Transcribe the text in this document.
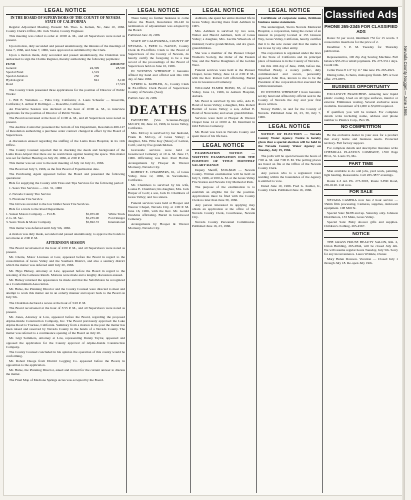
LEGAL NOTICE
IN THE BOARD OF SUPERVISORS OF THE COUNTY OF NEVADA STATE OF CALIFORNIA

Regular Adjourned Meeting. Present: Mr. Theo. G. Kelsen, Nr., June 10, 1966. County Clerk's Office, Mr. Jack Visdal, County Engineer.

This meeting was called to order at 10:00 A. M., and all Supervisors were noted as present.

Upon motion, duly seconded and passed unanimously, the minutes of the meetings of June 7, 1966, and June 7, 1966, were approved as submitted by the Clerk.

Upon a motion made, duly seconded and passed unanimously, the Chairman was authorized to sign the Claims Register, thereby authorizing the following payments:

FUND	AMOUNT
General	#4,399	#8,500
Special Fund	1,519
Special Aviation	250
Hydrological	841	3,100
Road	17,519

The County Clerk presented three applications for the position of Director of Public Works:

1. Bill E. Weisman — Yuba City, California; 2. Louis Schaefer — Roseville, California; 3. Arthur P. Dollinger — Roseville, California.

An Executive Session was declared at the hour of 10:00 A. M., to interview applicants for the position of Director of Public Works.

The Board reconvened at the hour of 11:00 A. M., and all Supervisors were noted as present.

The Auditor-Controller presented the bottom of his Department, Resolution #66-127 of Resolution authorizing a purchase order contract changed in effect by the Board of Supervisors.

A discussion ensued regarding the staffing of the Lama Rosa Hospital, in its 11th Office.

The County Counsel reported that in checking the deeds and background of the Lama Rosa Airport that there are no restrictions against leasing the space. This matter was set for further Hearing on July 20, 1966, at 2:00 P. M.

This matter was set over to the next meeting of July 1st July 21, 1966.

The Board set July 5, 1966, as the first Board of Equalization date.

The Purchasing Agent appeared before the Board and presented the following quotations:

Bids for supplying the County with Tires and Tips Services for the following period:

1. Sears Tire Services — Oct. 31, 1966

2. Nevada County Tire Service

3. Firestone Tire Service

The bid was awarded to the low bidder Sears Tire Services.

Bids for a truck to the Road Department.

1. Sunset Motors Company — F.O.B.	$5,955.00	White Truck
2. G. M. Sac.	$5,235.00	Ford Ranger
3. Sears Truck & Motor Company	$5,692.72	International

This matter was deferred until July 5th, 1966.

A motion was duly made, seconded and passed unanimously, to approve the bonds to reconvene at 2:00 P. M.

AFTERNOON SESSION

The Board reconvened at the hour of 2:00 P. M., and all Supervisors were noted as present.

Mr. Cherie, Motor Licenses at Law, appeared before the Board in regard to the consolidation of Grass Valley and the Southern District, and also a sanitary district which the matter was deferred until July 20, 1966.

Mr. Hays Hulsey, Attorney at Law, appeared before the Board in regard to the rezoning of the Lamoure Ranch. Motions were made and a lengthy discussion ensued.

Mr. Hulsey returned the appearance be made and that the Subdivision be recognized as a Condominium Association.

Mr. Hulse, the Planning Director and the County Counsel were directed to meet and attempt to work this matter out in an orderly manner and report back to the Board on July 5th.

The Chairman declared a recess at the hour of 3:45 P. M.

The Board reconvened at the hour of 3:55 P. M., and all Supervisors were noted as present.

Mr. Jones, Attorney at Law, appeared before the Board, regarding the proposed Alpine-Inside Construction Company, Inc. The Board previously approved the Lake Alpine Road to Truckee, California. Summary from a motion in the past the matter has been raised and reserved by Nevada County in the hands of a Nevada County. The matter was referred to a continuance opening of the Board on July 20.

Mr. Gigi Sommers, Attorney at Law, representing Danny Taylor, appeared and opposed the application for the County approval of Alpine-Inside Construction Company.

The County Counsel concluded in his opinion the operation of this county would be conforming.

Mr. Robert Duoge from District Logging Co. appeared before the Board, in opposition to the application.

Mr. Hulse, the Planning Director, asked and moved for the current answer to discuss the matter.

The Final Map of Madrona Springs Acres was accepted by the Board.

LEGAL NOTICE

There being no further business to come before the Board, Resolution 66-140 in termination of adjournment was adopted by the Board.

Published June 16, 1966.

STATE OF CALIFORNIA, COUNTY OF NEVADA. I, FRED G. NANCE, County Clerk & Ex-Officio Clerk to the Board of Supervisors of the County of Nevada, do hereby certify the foregoing to be a true record of the proceedings of the Board of Supervisors held on June 10, 1966.

IN WITNESS WHEREOF I hereunto affixed my hand and official seal this 10th day of June 1966.

S/FRED G. KOHLER, Jr., County Clerk & Ex-Officio Clerk Board of Supervisors County of Nevada. (Seal)

Publish June 16, 1966.

DEATHS

FAYNETHE (Van Scientan-Boggs) McCOY, 69, June 12, 1966, in Grass Valley, California.

Mrs. McCoy is survived by her husband, Frank R. McCoy, of Grass Valley; a daughter, Mrs. Ellie Kay (Shaw) of Lemon, Calif.; and by five grandchildren.

Graveside services were held at Greenwood Cemetery at 10 A. M. June 17, 1966. Officiating was Rev. Paul Horbet. Arrangements by Hooper & Weaver Mortuary, Nevada City.

ROBERT E. CHAMBERS, 61, of Grass Valley, June 12, 1966, in Sacramento, California.

Mr. Chambers is survived by his wife, Louise E. Chambers; his daughter, Mrs. Jack Harper of Lodi; a son, Jack D. Chambers of Grass Valley; and two sisters.

Funeral services were held at Hooper and Weaver Chapel, Nevada City, at 1:00 P. M. June 16, 1966, with the Rev. Mr. Gerald Dawkins officiating. Burial in Greenwood Cemetery.

Arrangements by Hooper & Weaver Mortuary, Nevada City.

LEGAL NOTICE

Ashburn, she spent her entire married life in Grass Valley, moving there from Ashburn in 1905.

Mrs. Ashburn is survived by two sons, Walter and Harold Ashburn, both of Grass Valley; a daughter, Mrs. Lucille Wheelock of Oakland; twelve grandchildren, and six great-grandchildren.

She was a member of the Pioneer Chapel Women's Society, the Order of the Eastern Star, and the Native Daughters of the Golden West.

Funeral services were held at the Pioneer Chapel, Grass Valley, June 14 at 2:00 P. M., with the Rev. Robert Gill officiating. Burial was in Greenwood Cemetery.

WILLIAM ELMER BOND, 83, of Grass Valley, June 11, 1966, in Auburn Hospital, Auburn.

Mr. Bond is survived by his wife, Ada E. Bond of Grass Valley; a daughter, Mrs. Robert Bartlett of Grass Valley; a son, Alfred E. Bond of Newcastle; and seven grandchildren.

Services were held at Hooper & Weaver Chapel June 14 at 10:00 A. M. Interment in Odd Fellows Cemetery.

Mr. Bond was born in Nevada County and spent most of his life here.

LEGAL NOTICE

EXAMINATION NOTICE — WRITTEN EXAMINATION FOR THE POSITION OF TITLE MONTHLY SALARY RANGE

Deputy Sheriff, $536-$648 — Nevada County. Written examination will be held on July 5, 1966, at 9:00 A. M. at the Grass Valley Fire Station and Nevada City Memorial Park.

The purpose of the examination is to establish an eligible list for the position. Applications must be filed with the County Clerk no later than June 30, 1966.

Any person interested in applying may obtain an application at the office of the Nevada County Clerk, Courthouse, Nevada City.

Nevada County Personnel Commission. Published June 16, 23, 1966.

LEGAL NOTICE

Certificate of corporate name, fictitious business name statements.

The undersigned, Sierra Nevada Memorial Hospital, a corporation, being the owner of an interest in property located at 155 Glasson Way, Grass Valley, California, hereby certifies that it is the sole owner and that the name is not in use by any other entity.

The corporation is organized under the laws of the State of California and its principal place of business is in the County of Nevada.

On this 10th day of June, 1966, before me, Winifred Brady, a notary public, duly commissioned and sworn, personally appeared John Doe, known to me to be the President of the corporation that executed the within instrument.

IN WITNESS WHEREOF I have hereunto set my hand and affixed my official seal in the County of Nevada the day and year first above written.

Notary Public, in and for the County of Nevada. Published June 16, 23, 30, July 7, 1966.

LEGAL NOTICE

NOTICE OF ELECTION — Nevada County Water Agency. Notice is hereby given that a special election will be held in the Nevada County Water Agency on Tuesday, July 19, 1966.

The polls will be open between the hours of 7:00 A. M. and 7:00 P. M. The polling places are listed on file at the Office of the Nevada County Clerk.

Any person who is a registered voter residing within the boundaries of the Agency is entitled to vote.

Dated June 10, 1966. Fred G. Kohler, Jr., County Clerk. Published June 16, 1966.

Classified Ads
PHONE 265-2345 FOR CLASSIFIED ADS

Rates: 5¢ per word, minimum 75¢ for 15 words. 3 consecutive insertions for the price of 2.

Deadline: 5 P. M. Tuesday for Thursday publication.

Representative, 100 Zip Zag Sewing Machine. Full balance $55.20 or small payments. Ph. 273-5511 days. Credit OK.

Celler Press 8 1/2" by 11" like new. Ph. 265-4921.

Dining table, 6 chairs, mahogany finish. $85 or best offer. 273-6875.

BUSINESS OPPORTUNITY

EXCLUSIVE FRANCHISE. Amazing new liquid plastic coating. Used on all type surfaces, interior or exterior. Eliminates waxing. Several exclusive areas available. Investment of $1,000 to $3,000 required.

If qualified, you will be trained. For complete details write including name, address and phone number to Plastics Corp., Box 99.

NO COMPETITION

Be the exclusive dealer in your area for a product that every home and business needs. Protected territory. Full factory support.

For complete details and descriptive literature write CHEMICAL PLASTICS COMPANY, 1550 Page Blvd., St. Louis 33, Mo.

PART TIME

Man available to do odd jobs, yard work, painting, light hauling. Reasonable. Call 265-3877 evenings.

Route 2-3 Ad. Ph. 273-3003, Route 3-Hill Road, 265-6120. Call now.

FOR SALE

NEVADA CAMERA now has 2 hour service — 35mm film processing. Cameras, supplies, darkroom equipment. 108 Mill St.

Special Sale: $9.88 and up. Saturday only. Johnson Distributors, 133 Main, Grass Valley.

Special Sale: Baby shower gifts and supplies. Children's clothing. 265-4567.

NOTICE

THE GRASS HOUSE BEAUTY SALON, Rm. 2, Union Building, 265-2844, will be closed July 4th. We will resume regular hours Tuesday, July 5th. Sorry for any inconvenience. Laura Wrinkle, Owner.

Mary Helen Dawson. Vacation — Closed July 1 through July 18. Re-open July 19th.

Nevada County Nugget — June 1966
